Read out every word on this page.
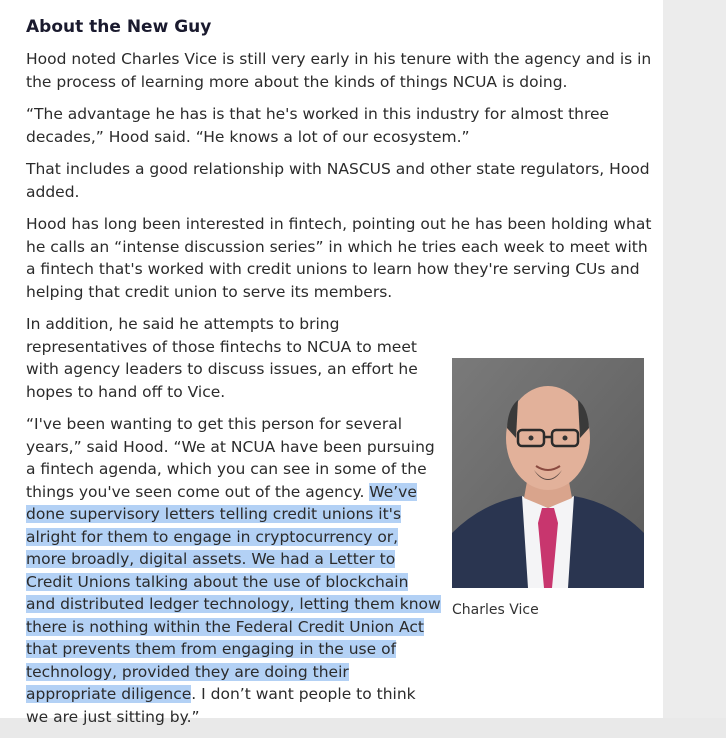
About the New Guy

Hood noted Charles Vice is still very early in his tenure with the agency and is in the process of learning more about the kinds of things NCUA is doing.

“The advantage he has is that he's worked in this industry for almost three decades,” Hood said. “He knows a lot of our ecosystem.”

That includes a good relationship with NASCUS and other state regulators, Hood added.

Hood has long been interested in fintech, pointing out he has been holding what he calls an “intense discussion series” in which he tries each week to meet with a fintech that's worked with credit unions to learn how they're serving CUs and helping that credit union to serve its members.

In addition, he said he attempts to bring representatives of those fintechs to NCUA to meet with agency leaders to discuss issues, an effort he hopes to hand off to Vice.

“I've been wanting to get this person for several years,” said Hood. “We at NCUA have been pursuing a fintech agenda, which you can see in some of the things you've seen come out of the agency. We’ve done supervisory letters telling credit unions it's alright for them to engage in cryptocurrency or, more broadly, digital assets. We had a Letter to Credit Unions talking about the use of blockchain and distributed ledger technology, letting them know there is nothing within the Federal Credit Union Act that prevents them from engaging in the use of technology, provided they are doing their appropriate diligence. I don’t want people to think we are just sitting by.”

Charles Vice
